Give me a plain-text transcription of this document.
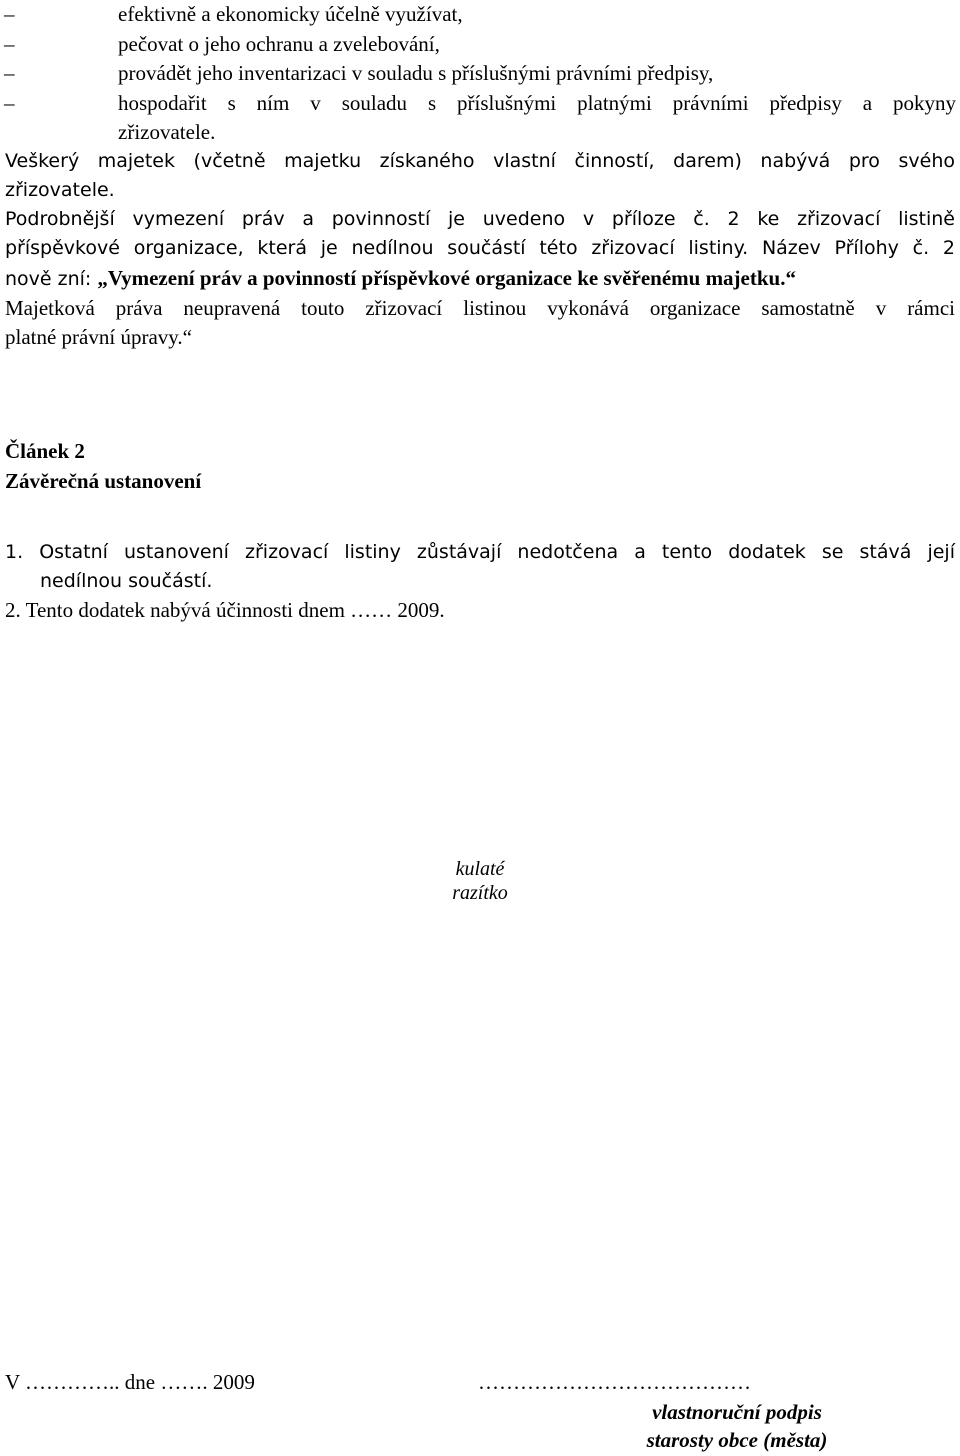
–	efektivně a ekonomicky účelně využívat,
–	pečovat o jeho ochranu a zvelebování,
–	provádět jeho inventarizaci v souladu s příslušnými právními předpisy,
–	hospodařit s ním v souladu s příslušnými platnými právními předpisy a pokyny
zřizovatele.
Veškerý majetek (včetně majetku získaného vlastní činností, darem) nabývá pro svého
zřizovatele.
Podrobnější vymezení práv a povinností je uvedeno v příloze č. 2 ke zřizovací listině
příspěvkové organizace, která je nedílnou součástí této zřizovací listiny. Název Přílohy č. 2
nově zní: „Vymezení práv a povinností příspěvkové organizace ke svěřenému majetku.“
Majetková práva neupravená touto zřizovací listinou vykonává organizace samostatně v rámci
platné právní úpravy.“
Článek 2
Závěrečná ustanovení
1. Ostatní ustanovení zřizovací listiny zůstávají nedotčena a tento dodatek se stává její
nedílnou součástí.
2. Tento dodatek nabývá účinnosti dnem …… 2009.
kulaté
razítko
V ………….. dne ……. 2009	…………………………………
vlastnoruční podpis
starosty obce (města)
